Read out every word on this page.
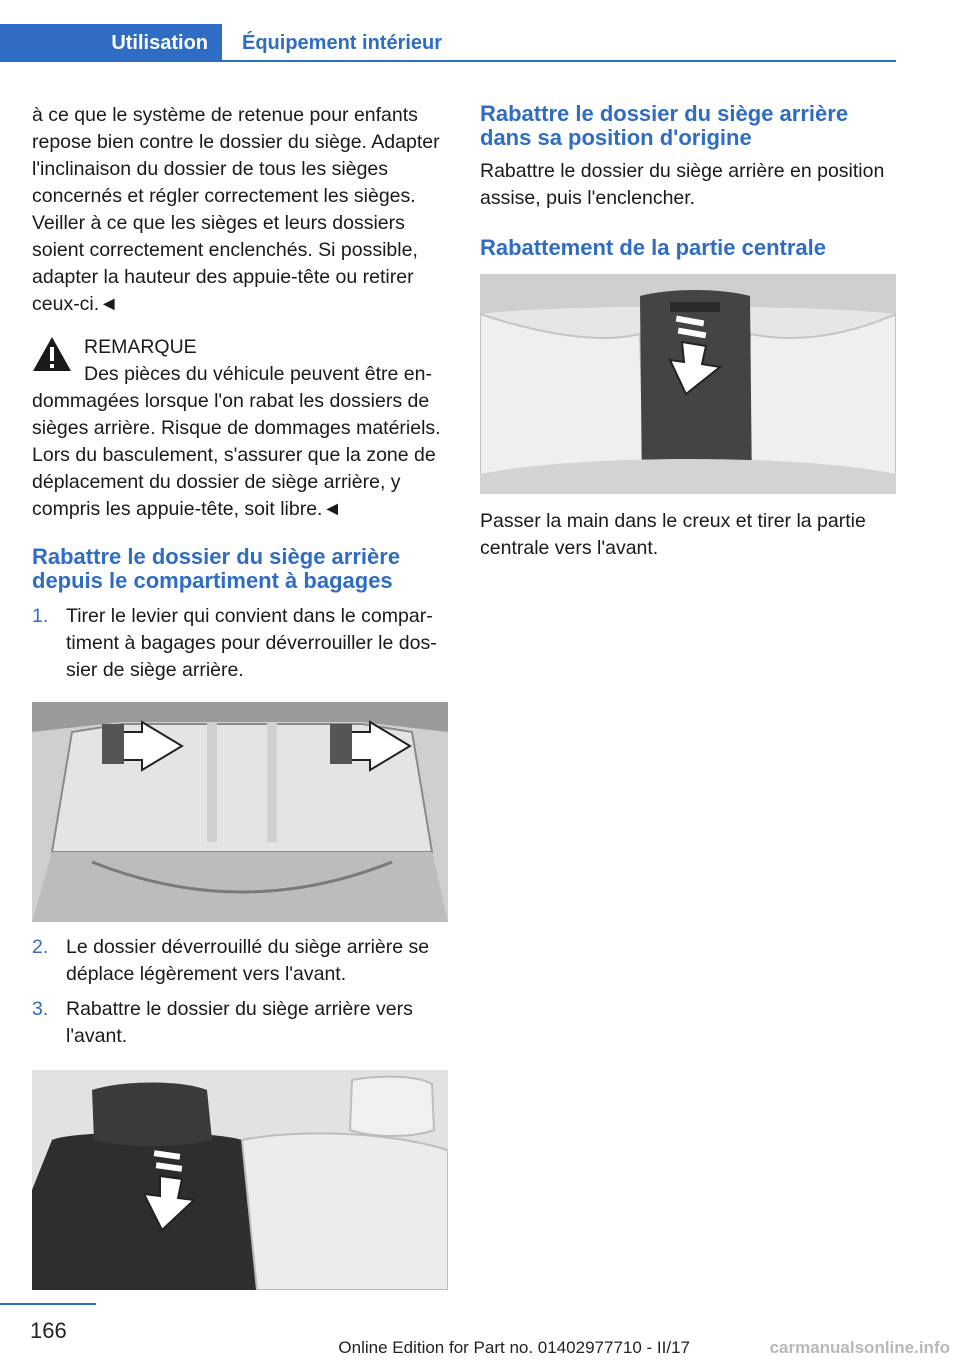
Utilisation Équipement intérieur

à ce que le système de retenue pour enfants repose bien contre le dossier du siège. Adapter l'inclinaison du dossier de tous les sièges concernés et régler correctement les sièges. Veiller à ce que les sièges et leurs dossiers soient correctement enclenchés. Si possible, adapter la hauteur des appuie-tête ou retirer ceux-ci.◄

REMARQUE

Des pièces du véhicule peuvent être endommagées lorsque l'on rabat les dossiers de sièges arrière. Risque de dommages matériels. Lors du basculement, s'assurer que la zone de déplacement du dossier de siège arrière, y compris les appuie-tête, soit libre.◄

Rabattre le dossier du siège arrière depuis le compartiment à bagages
1. Tirer le levier qui convient dans le compartiment à bagages pour déverrouiller le dossier de siège arrière.
2. Le dossier déverrouillé du siège arrière se déplace légèrement vers l'avant.
3. Rabattre le dossier du siège arrière vers l'avant.
Rabattre le dossier du siège arrière dans sa position d'origine

Rabattre le dossier du siège arrière en position assise, puis l'enclencher.

Rabattement de la partie centrale

Passer la main dans le creux et tirer la partie centrale vers l'avant.

166
Online Edition for Part no. 01402977710 - II/17	carmanualsonline.info
